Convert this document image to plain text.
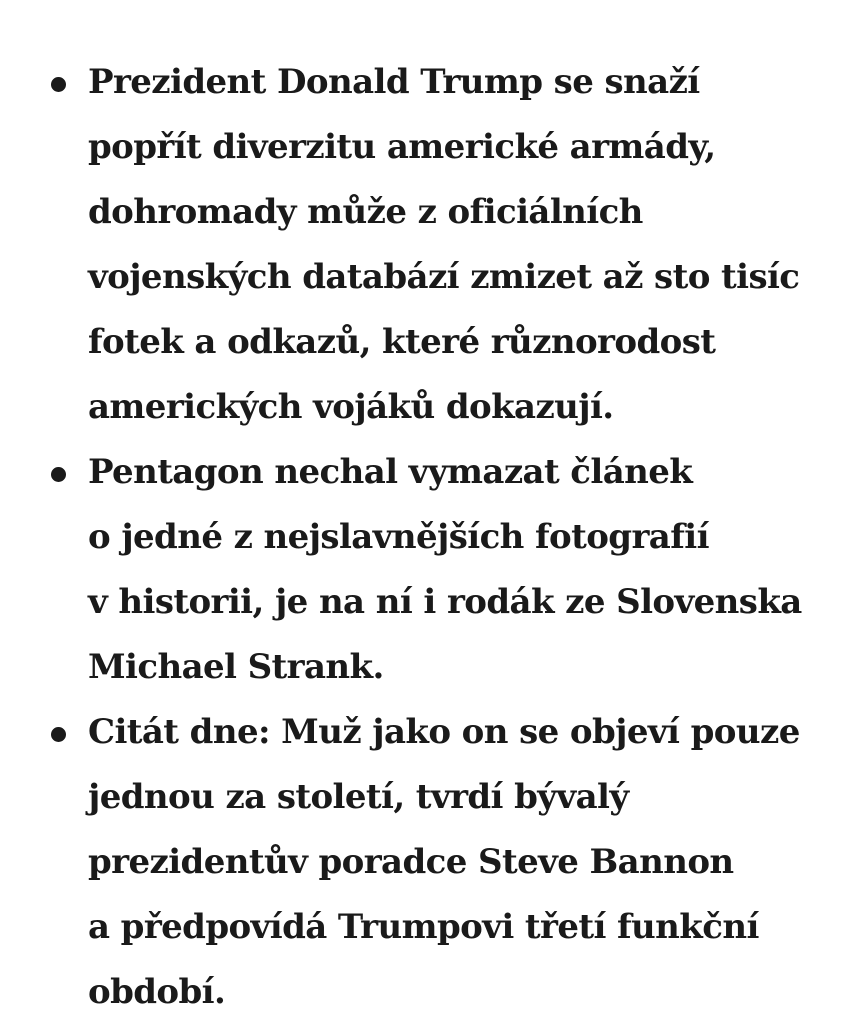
Prezident Donald Trump se snaží
popřít diverzitu americké armády,
dohromady může z oficiálních
vojenských databází zmizet až sto tisíc
fotek a odkazů, které různorodost
amerických vojáků dokazují.
Pentagon nechal vymazat článek
o jedné z nejslavnějších fotografií
v historii, je na ní i rodák ze Slovenska
Michael Strank.
Citát dne: Muž jako on se objeví pouze
jednou za století, tvrdí bývalý
prezidentův poradce Steve Bannon
a předpovídá Trumpovi třetí funkční
období.
